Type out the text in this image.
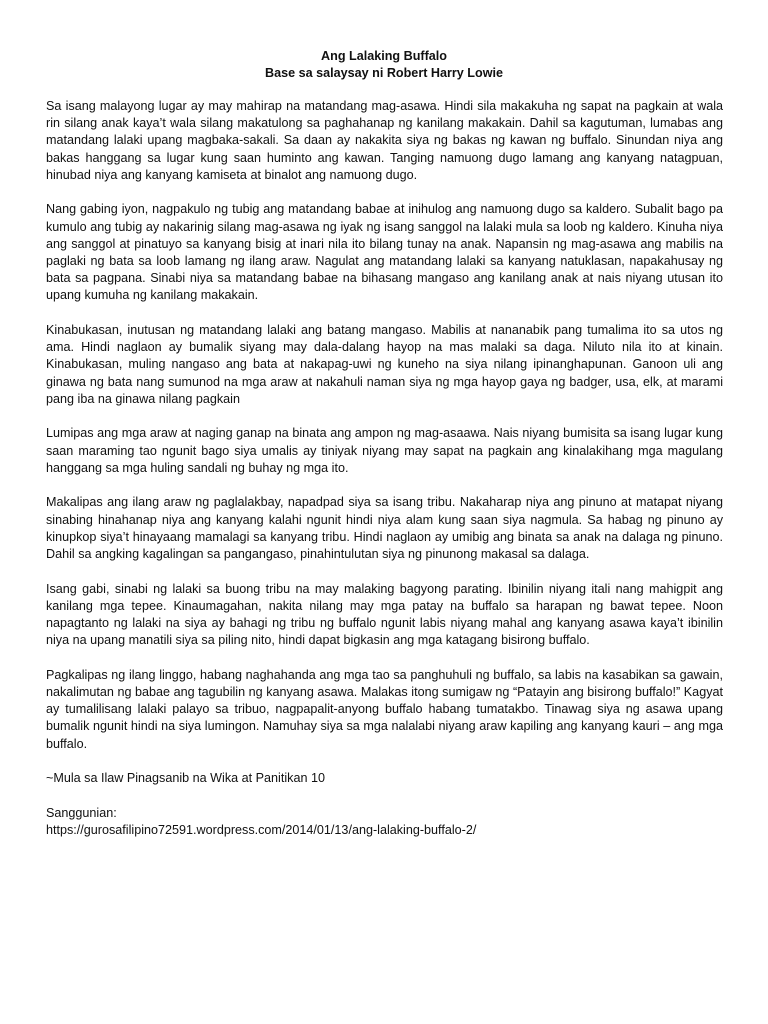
Ang Lalaking Buffalo
Base sa salaysay ni Robert Harry Lowie

Sa isang malayong lugar ay may mahirap na matandang mag-asawa. Hindi sila makakuha ng sapat na pagkain at wala rin silang anak kaya’t wala silang makatulong sa paghahanap ng kanilang makakain. Dahil sa kagutuman, lumabas ang matandang lalaki upang magbaka-sakali. Sa daan ay nakakita siya ng bakas ng kawan ng buffalo. Sinundan niya ang bakas hanggang sa lugar kung saan huminto ang kawan. Tanging namuong dugo lamang ang kanyang natagpuan, hinubad niya ang kanyang kamiseta at binalot ang namuong dugo.

Nang gabing iyon, nagpakulo ng tubig ang matandang babae at inihulog ang namuong dugo sa kaldero. Subalit bago pa kumulo ang tubig ay nakarinig silang mag-asawa ng iyak ng isang sanggol na lalaki mula sa loob ng kaldero. Kinuha niya ang sanggol at pinatuyo sa kanyang bisig at inari nila ito bilang tunay na anak. Napansin ng mag-asawa ang mabilis na paglaki ng bata sa loob lamang ng ilang araw. Nagulat ang matandang lalaki sa kanyang natuklasan, napakahusay ng bata sa pagpana. Sinabi niya sa matandang babae na bihasang mangaso ang kanilang anak at nais niyang utusan ito upang kumuha ng kanilang makakain.

Kinabukasan, inutusan ng matandang lalaki ang batang mangaso. Mabilis at nananabik pang tumalima ito sa utos ng ama. Hindi naglaon ay bumalik siyang may dala-dalang hayop na mas malaki sa daga. Niluto nila ito at kinain. Kinabukasan, muling nangaso ang bata at nakapag-uwi ng kuneho na siya nilang ipinanghapunan. Ganoon uli ang ginawa ng bata nang sumunod na mga araw at nakahuli naman siya ng mga hayop gaya ng badger, usa, elk, at marami pang iba na ginawa nilang pagkain

Lumipas ang mga araw at naging ganap na binata ang ampon ng mag-asaawa. Nais niyang bumisita sa isang lugar kung saan maraming tao ngunit bago siya umalis ay tiniyak niyang may sapat na pagkain ang kinalakihang mga magulang hanggang sa mga huling sandali ng buhay ng mga ito.

Makalipas ang ilang araw ng paglalakbay, napadpad siya sa isang tribu. Nakaharap niya ang pinuno at matapat niyang sinabing hinahanap niya ang kanyang kalahi ngunit hindi niya alam kung saan siya nagmula. Sa habag ng pinuno ay kinupkop siya’t hinayaang mamalagi sa kanyang tribu. Hindi naglaon ay umibig ang binata sa anak na dalaga ng pinuno. Dahil sa angking kagalingan sa pangangaso, pinahintulutan siya ng pinunong makasal sa dalaga.

Isang gabi, sinabi ng lalaki sa buong tribu na may malaking bagyong parating. Ibinilin niyang itali nang mahigpit ang kanilang mga tepee. Kinaumagahan, nakita nilang may mga patay na buffalo sa harapan ng bawat tepee. Noon napagtanto ng lalaki na siya ay bahagi ng tribu ng buffalo ngunit labis niyang mahal ang kanyang asawa kaya’t ibinilin niya na upang manatili siya sa piling nito, hindi dapat bigkasin ang mga katagang bisirong buffalo.

Pagkalipas ng ilang linggo, habang naghahanda ang mga tao sa panghuhuli ng buffalo, sa labis na kasabikan sa gawain, nakalimutan ng babae ang tagubilin ng kanyang asawa. Malakas itong sumigaw ng “Patayin ang bisirong buffalo!” Kagyat ay tumalilisang lalaki palayo sa tribuo, nagpapalit-anyong buffalo habang tumatakbo. Tinawag siya ng asawa upang bumalik ngunit hindi na siya lumingon. Namuhay siya sa mga nalalabi niyang araw kapiling ang kanyang kauri – ang mga buffalo.

~Mula sa Ilaw Pinagsanib na Wika at Panitikan 10

Sanggunian:
https://gurosafilipino72591.wordpress.com/2014/01/13/ang-lalaking-buffalo-2/
